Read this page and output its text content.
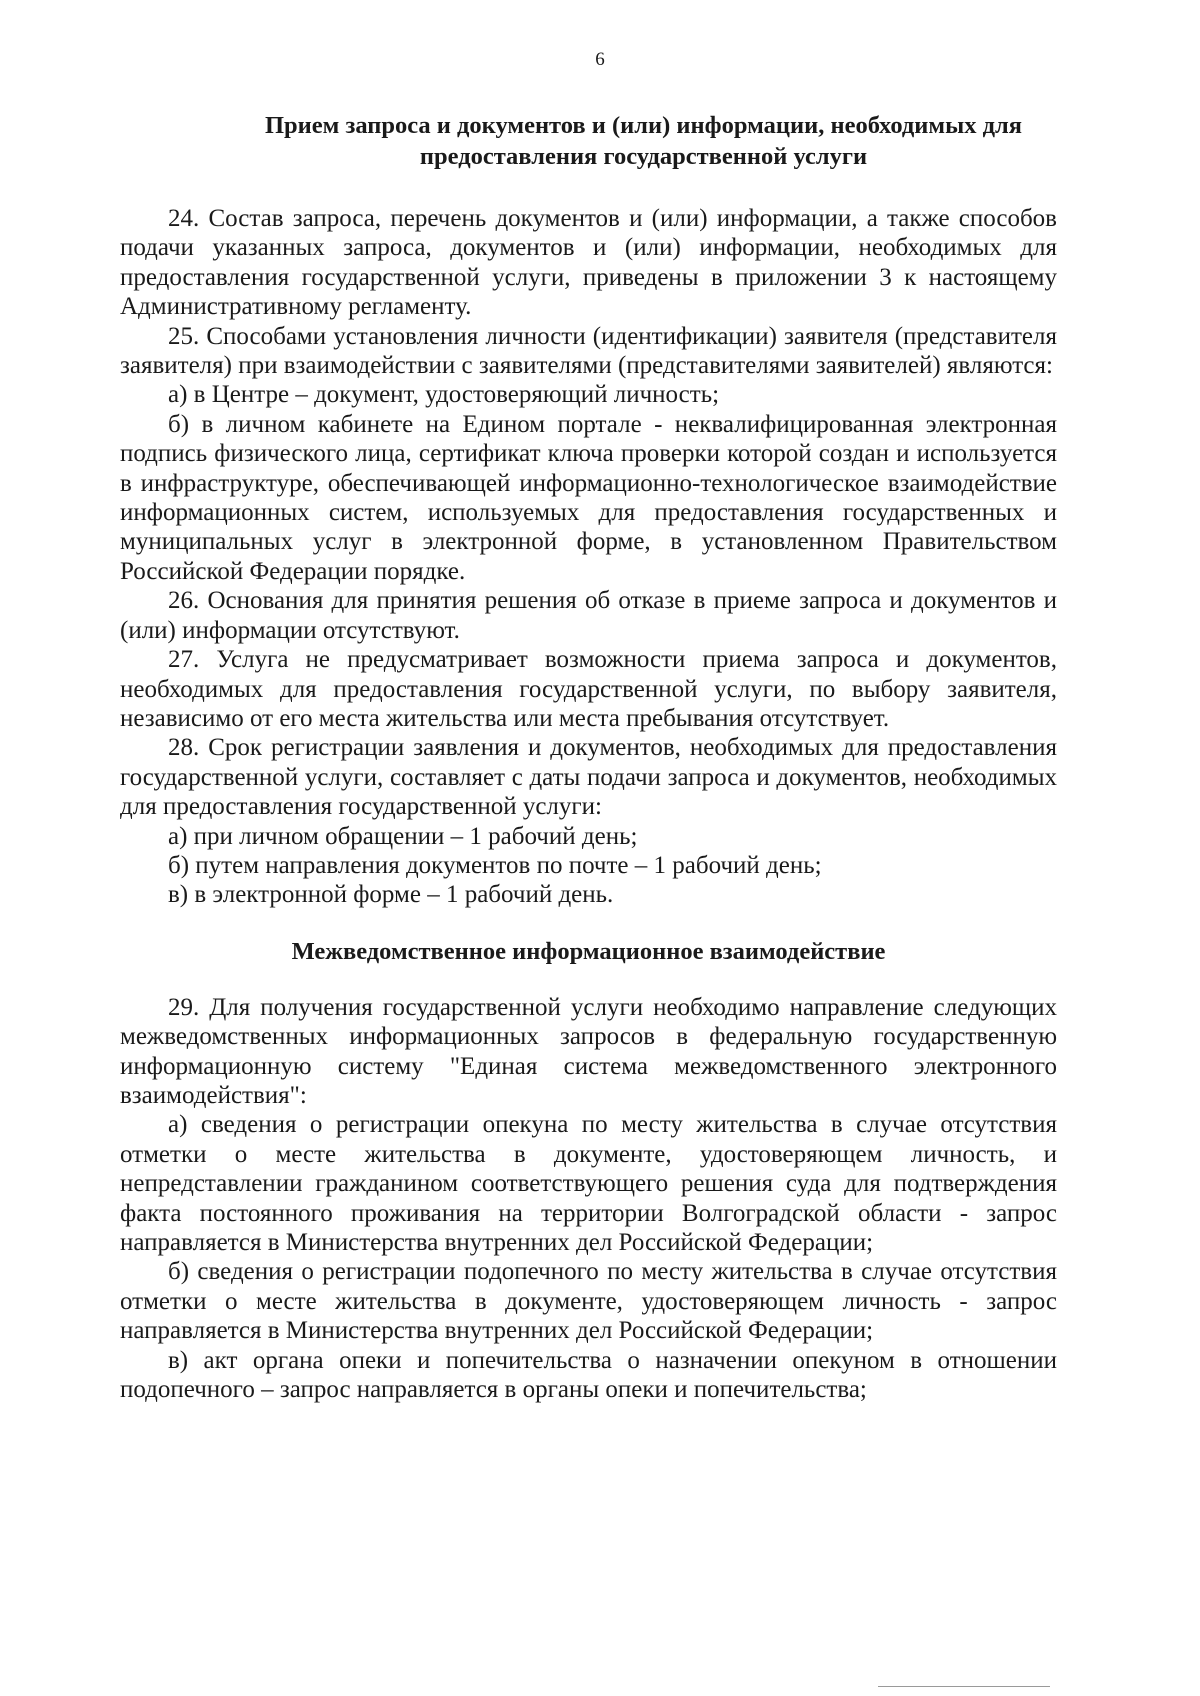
6
Прием запроса и документов и (или) информации, необходимых для предоставления государственной услуги

24. Состав запроса, перечень документов и (или) информации, а также способов подачи указанных запроса, документов и (или) информации, необходимых для предоставления государственной услуги, приведены в приложении 3 к настоящему Административному регламенту.

25. Способами установления личности (идентификации) заявителя (представителя заявителя) при взаимодействии с заявителями (представителями заявителей) являются:

а) в Центре – документ, удостоверяющий личность;

б) в личном кабинете на Едином портале - неквалифицированная электронная подпись физического лица, сертификат ключа проверки которой создан и используется в инфраструктуре, обеспечивающей информационно-технологическое взаимодействие информационных систем, используемых для предоставления государственных и муниципальных услуг в электронной форме, в установленном Правительством Российской Федерации порядке.

26. Основания для принятия решения об отказе в приеме запроса и документов и (или) информации отсутствуют.

27. Услуга не предусматривает возможности приема запроса и документов, необходимых для предоставления государственной услуги, по выбору заявителя, независимо от его места жительства или места пребывания отсутствует.

28. Срок регистрации заявления и документов, необходимых для предоставления государственной услуги, составляет с даты подачи запроса и документов, необходимых для предоставления государственной услуги:

а) при личном обращении – 1 рабочий день;

б) путем направления документов по почте – 1 рабочий день;

в) в электронной форме – 1 рабочий день.

Межведомственное информационное взаимодействие

29. Для получения государственной услуги необходимо направление следующих межведомственных информационных запросов в федеральную государственную информационную систему "Единая система межведомственного электронного взаимодействия":

а) сведения о регистрации опекуна по месту жительства в случае отсутствия отметки о месте жительства в документе, удостоверяющем личность, и непредставлении гражданином соответствующего решения суда для подтверждения факта постоянного проживания на территории Волгоградской области - запрос направляется в Министерства внутренних дел Российской Федерации;

б) сведения о регистрации подопечного по месту жительства в случае отсутствия отметки о месте жительства в документе, удостоверяющем личность - запрос направляется в Министерства внутренних дел Российской Федерации;

в) акт органа опеки и попечительства о назначении опекуном в отношении подопечного – запрос направляется в органы опеки и попечительства;
